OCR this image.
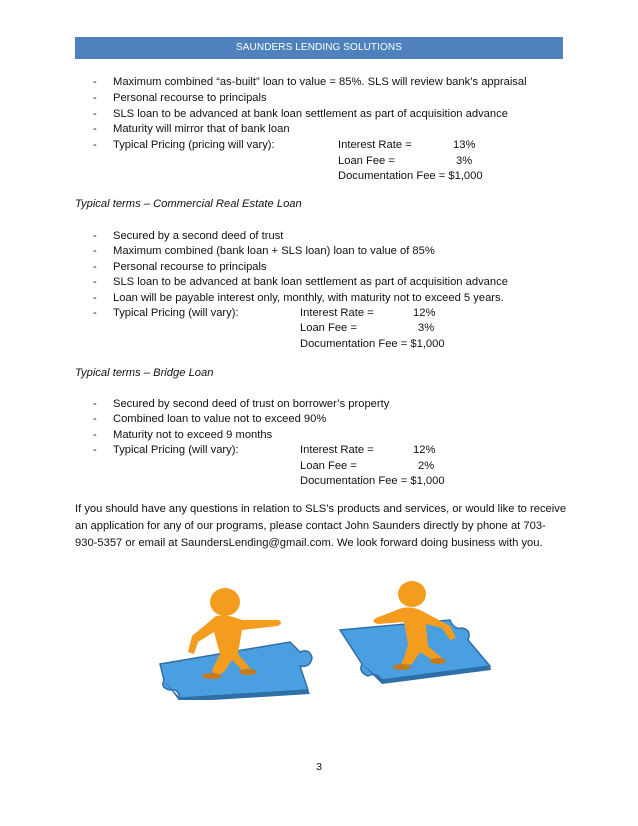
SAUNDERS LENDING SOLUTIONS
- Maximum combined “as-built” loan to value = 85%. SLS will review bank’s appraisal
- Personal recourse to principals
- SLS loan to be advanced at bank loan settlement as part of acquisition advance
- Maturity will mirror that of bank loan
- Typical Pricing (pricing will vary):	Interest Rate =	13%
Loan Fee =	3%
Documentation Fee = $1,000
Typical terms – Commercial Real Estate Loan
- Secured by a second deed of trust
- Maximum combined (bank loan + SLS loan) loan to value of 85%
- Personal recourse to principals
- SLS loan to be advanced at bank loan settlement as part of acquisition advance
- Loan will be payable interest only, monthly, with maturity not to exceed 5 years.
- Typical Pricing (will vary):	Interest Rate =	12%
Loan Fee =	3%
Documentation Fee = $1,000
Typical terms – Bridge Loan
- Secured by second deed of trust on borrower’s property
- Combined loan to value not to exceed 90%
- Maturity not to exceed 9 months
- Typical Pricing (will vary):	Interest Rate =	12%
Loan Fee =	2%
Documentation Fee = $1,000
If you should have any questions in relation to SLS’s products and services, or would like to receive an application for any of our programs, please contact John Saunders directly by phone at 703-930-5357 or email at SaundersLending@gmail.com. We look forward doing business with you.
3
